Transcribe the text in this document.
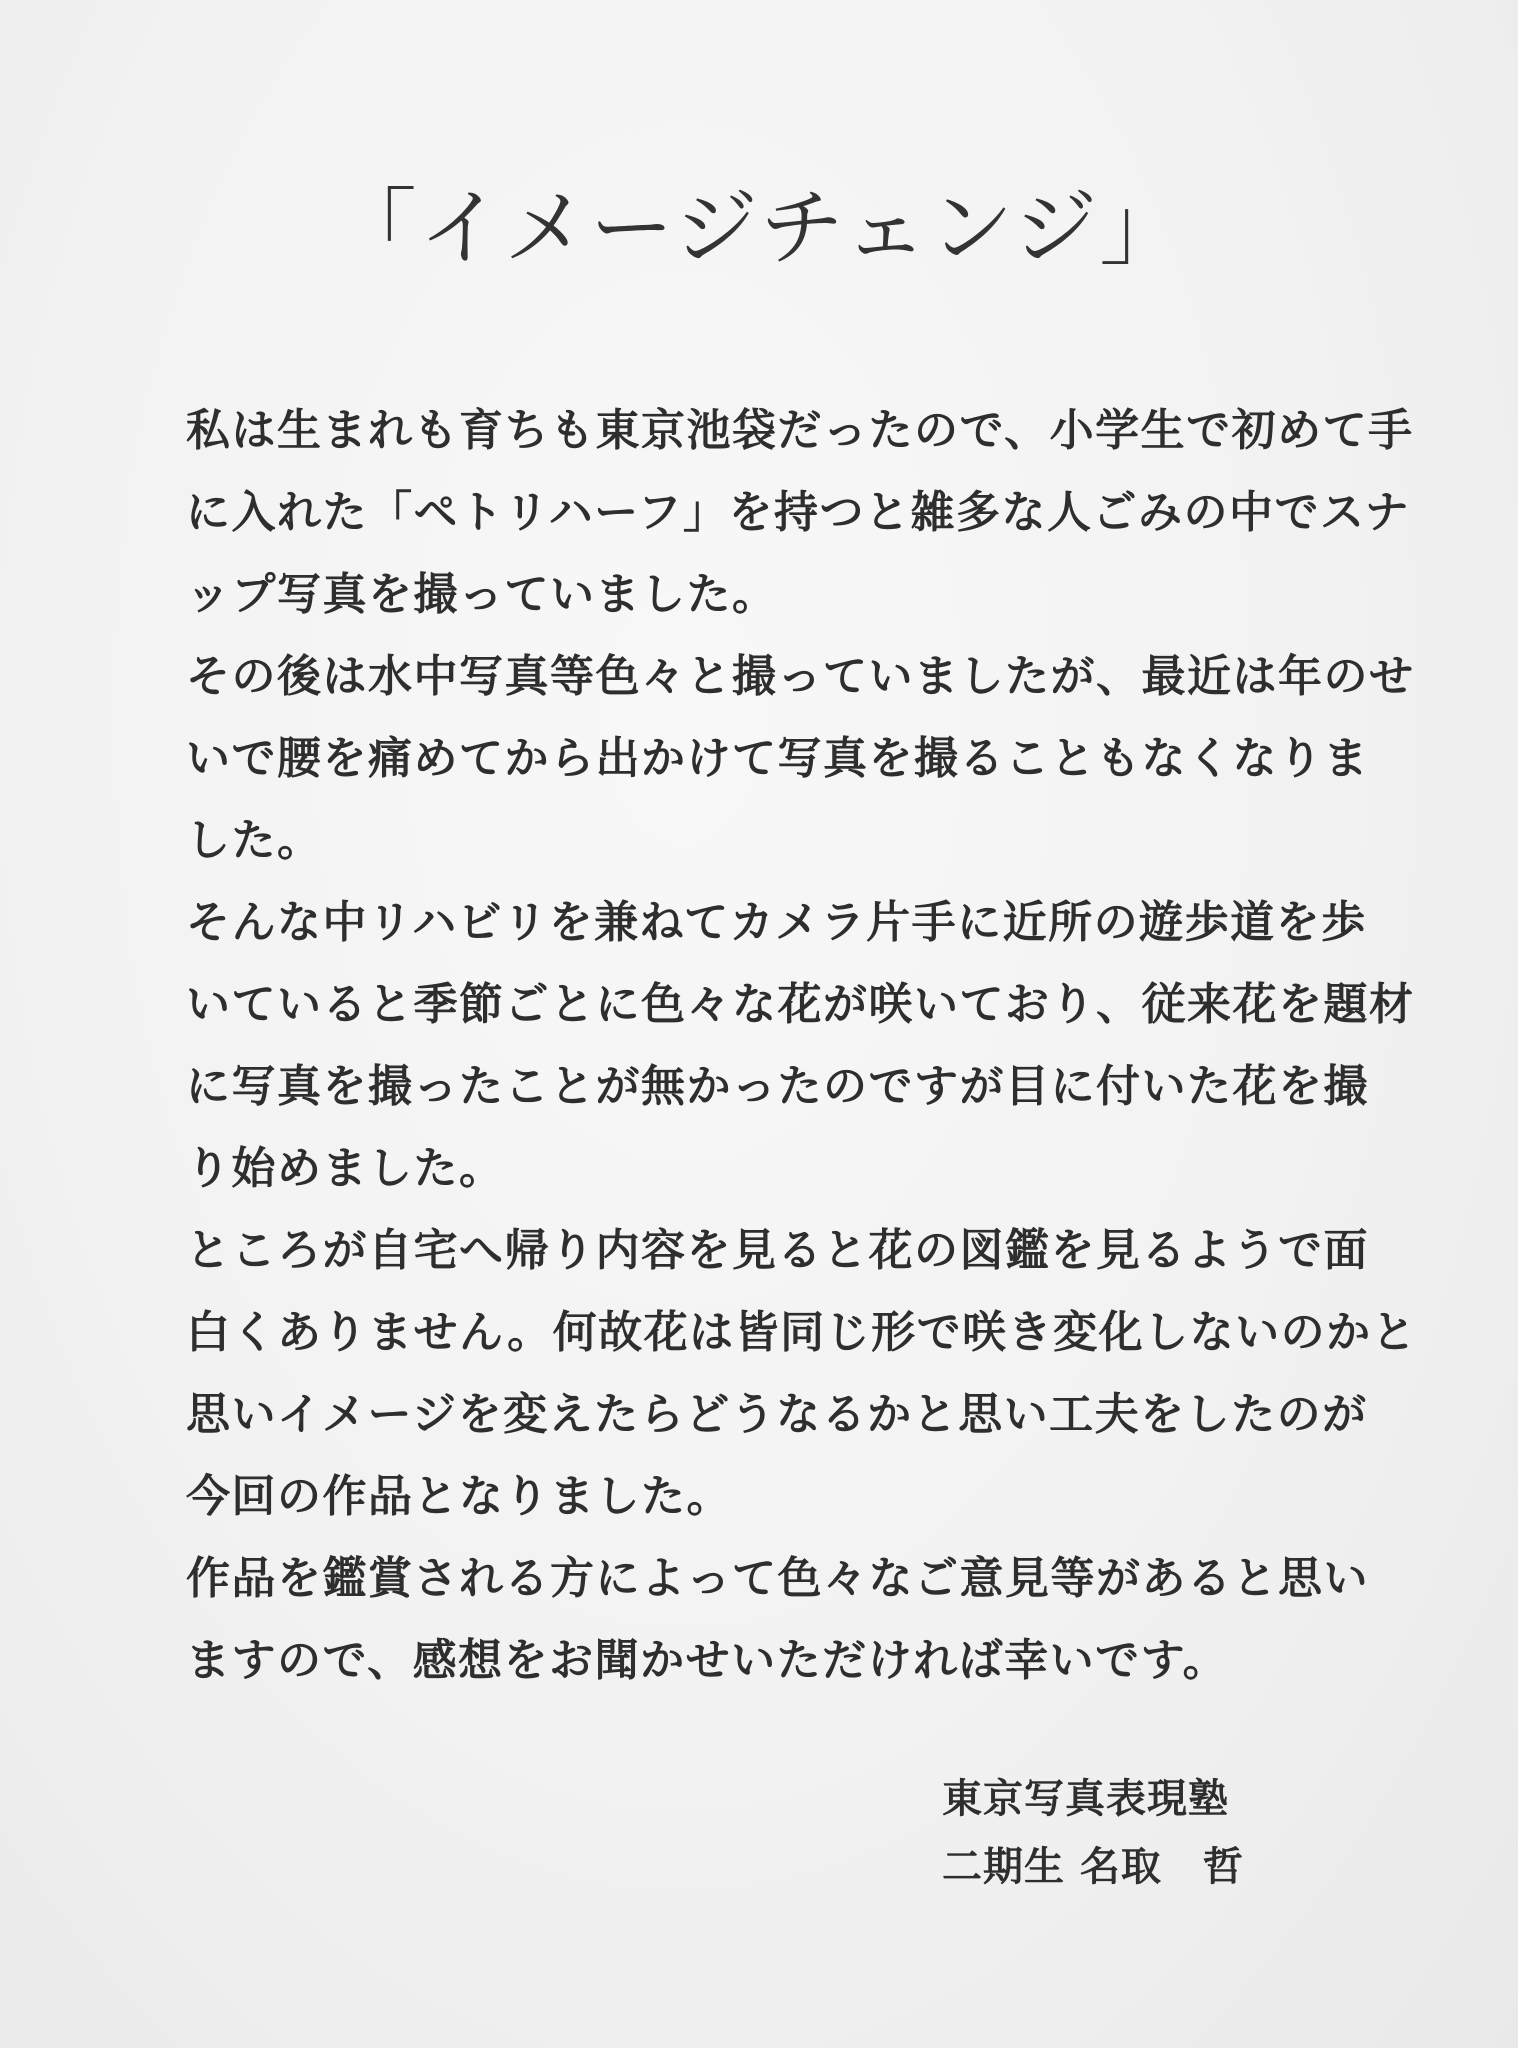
「イメージチェンジ」
私は生まれも育ちも東京池袋だったので、小学生で初めて手
に入れた「ペトリハーフ」を持つと雑多な人ごみの中でスナ
ップ写真を撮っていました。
その後は水中写真等色々と撮っていましたが、最近は年のせ
いで腰を痛めてから出かけて写真を撮ることもなくなりま
した。
そんな中リハビリを兼ねてカメラ片手に近所の遊歩道を歩
いていると季節ごとに色々な花が咲いており、従来花を題材
に写真を撮ったことが無かったのですが目に付いた花を撮
り始めました。
ところが自宅へ帰り内容を見ると花の図鑑を見るようで面
白くありません。何故花は皆同じ形で咲き変化しないのかと
思いイメージを変えたらどうなるかと思い工夫をしたのが
今回の作品となりました。
作品を鑑賞される方によって色々なご意見等があると思い
ますので、感想をお聞かせいただければ幸いです。
東京写真表現塾
二期生 名取　哲
